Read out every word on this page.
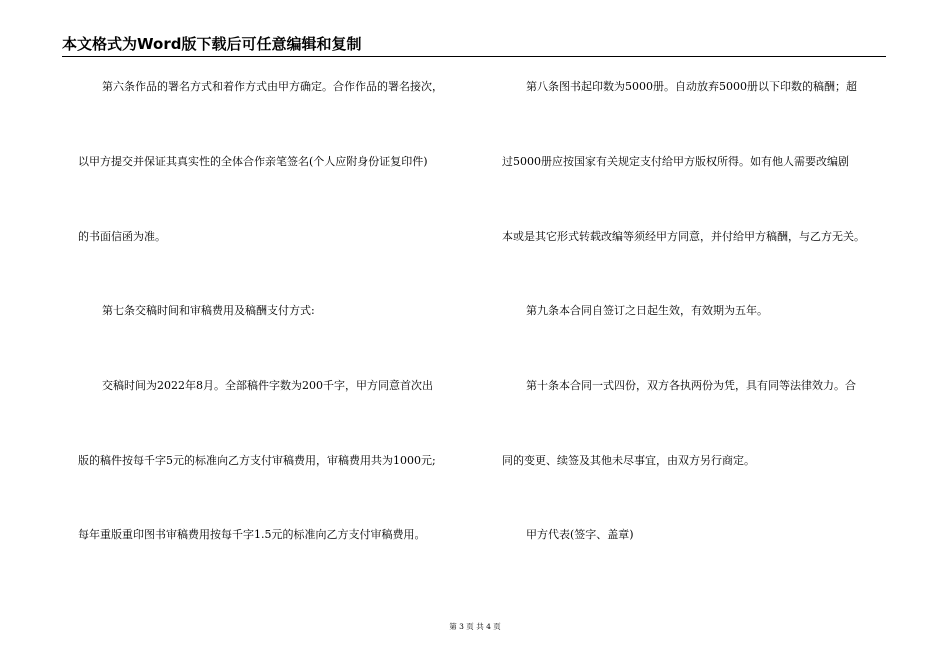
本文格式为Word版下载后可任意编辑和复制
第六条作品的署名方式和着作方式由甲方确定。合作作品的署名接次，
以甲方提交并保证其真实性的全体合作亲笔签名(个人应附身份证复印件)
的书面信函为准。
第七条交稿时间和审稿费用及稿酬支付方式:
交稿时间为2022年8月。全部稿件字数为200千字，甲方同意首次出
版的稿件按每千字5元的标准向乙方支付审稿费用，审稿费用共为1000元;
每年重版重印图书审稿费用按每千字1.5元的标准向乙方支付审稿费用。
第八条图书起印数为5000册。自动放弃5000册以下印数的稿酬；超
过5000册应按国家有关规定支付给甲方版权所得。如有他人需要改编剧
本或是其它形式转载改编等须经甲方同意，并付给甲方稿酬，与乙方无关。
第九条本合同自签订之日起生效，有效期为五年。
第十条本合同一式四份，双方各执两份为凭，具有同等法律效力。合
同的变更、续签及其他未尽事宜，由双方另行商定。
甲方代表(签字、盖章)
第 3 页 共 4 页
